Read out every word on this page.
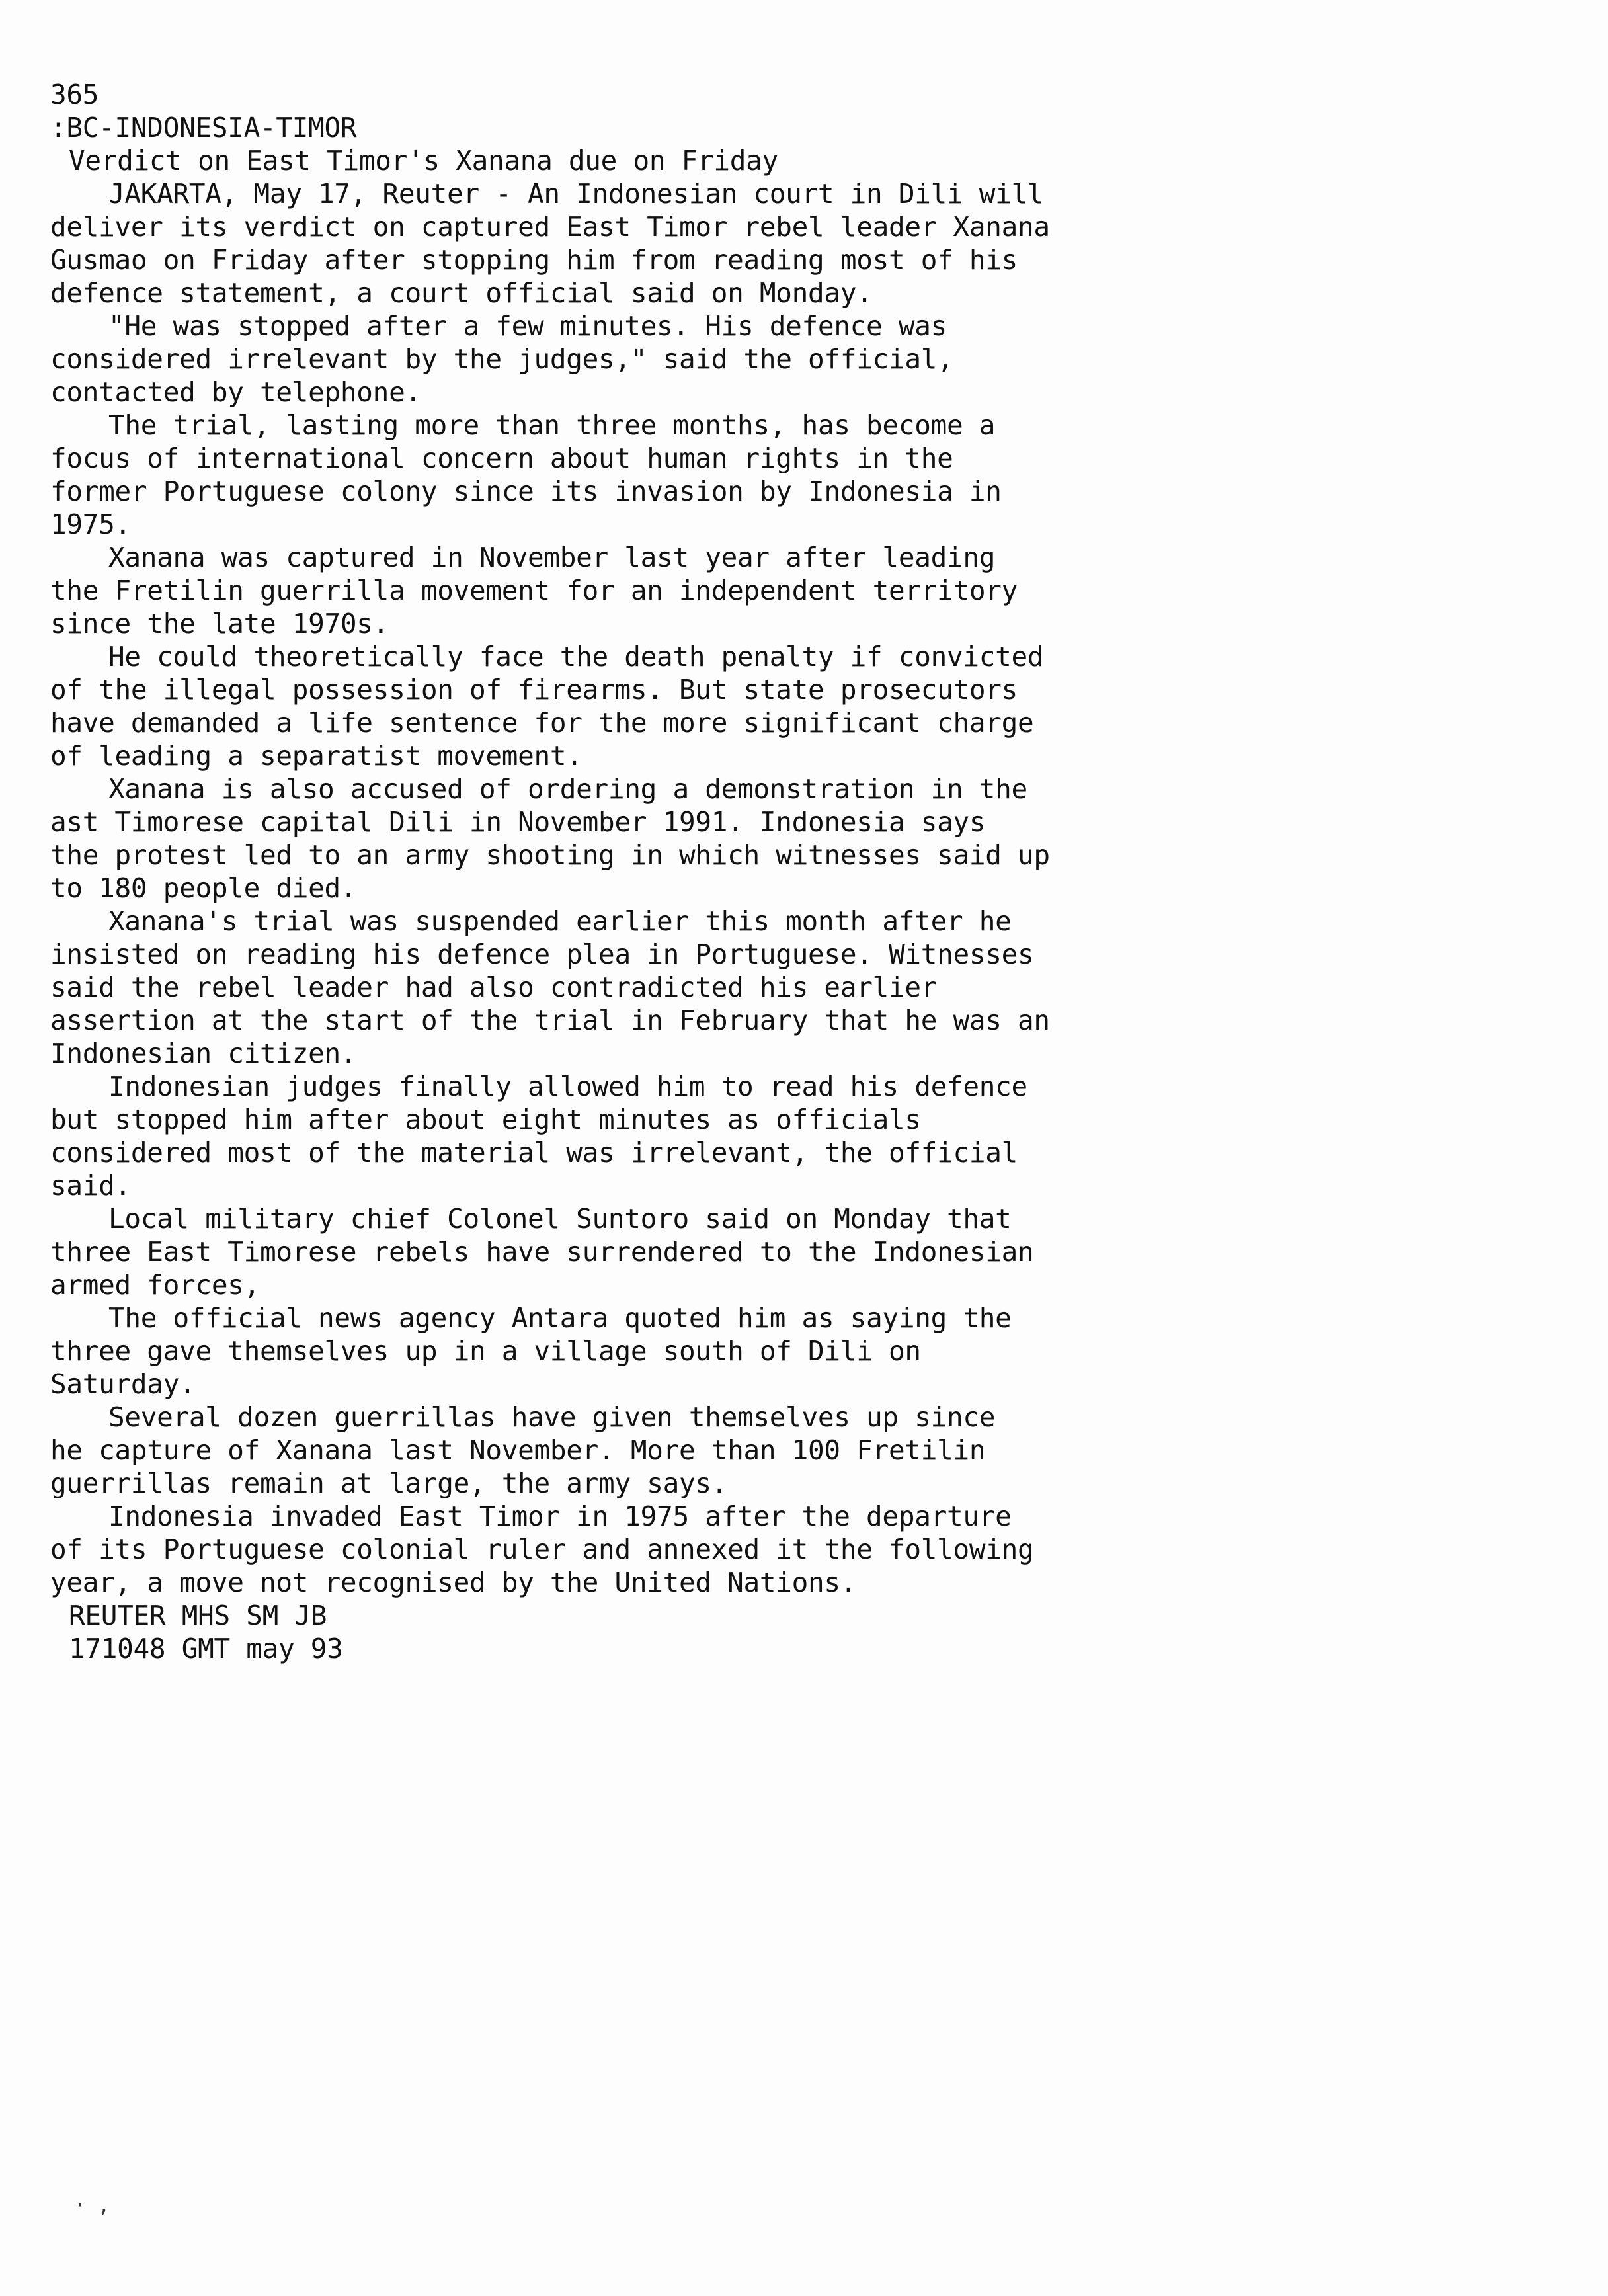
365
:BC-INDONESIA-TIMOR
Verdict on East Timor's Xanana due on Friday
JAKARTA, May 17, Reuter - An Indonesian court in Dili will
deliver its verdict on captured East Timor rebel leader Xanana
Gusmao on Friday after stopping him from reading most of his
defence statement, a court official said on Monday.
"He was stopped after a few minutes. His defence was
considered irrelevant by the judges," said the official,
contacted by telephone.
The trial, lasting more than three months, has become a
focus of international concern about human rights in the
former Portuguese colony since its invasion by Indonesia in
1975.
Xanana was captured in November last year after leading
the Fretilin guerrilla movement for an independent territory
since the late 1970s.
He could theoretically face the death penalty if convicted
of the illegal possession of firearms. But state prosecutors
have demanded a life sentence for the more significant charge
of leading a separatist movement.
Xanana is also accused of ordering a demonstration in the
ast Timorese capital Dili in November 1991. Indonesia says
the protest led to an army shooting in which witnesses said up
to 180 people died.
Xanana's trial was suspended earlier this month after he
insisted on reading his defence plea in Portuguese. Witnesses
said the rebel leader had also contradicted his earlier
assertion at the start of the trial in February that he was an
Indonesian citizen.
Indonesian judges finally allowed him to read his defence
but stopped him after about eight minutes as officials
considered most of the material was irrelevant, the official
said.
Local military chief Colonel Suntoro said on Monday that
three East Timorese rebels have surrendered to the Indonesian
armed forces,
The official news agency Antara quoted him as saying the
three gave themselves up in a village south of Dili on
Saturday.
Several dozen guerrillas have given themselves up since
he capture of Xanana last November. More than 100 Fretilin
guerrillas remain at large, the army says.
Indonesia invaded East Timor in 1975 after the departure
of its Portuguese colonial ruler and annexed it the following
year, a move not recognised by the United Nations.
REUTER MHS SM JB
171048 GMT may 93
· ,
